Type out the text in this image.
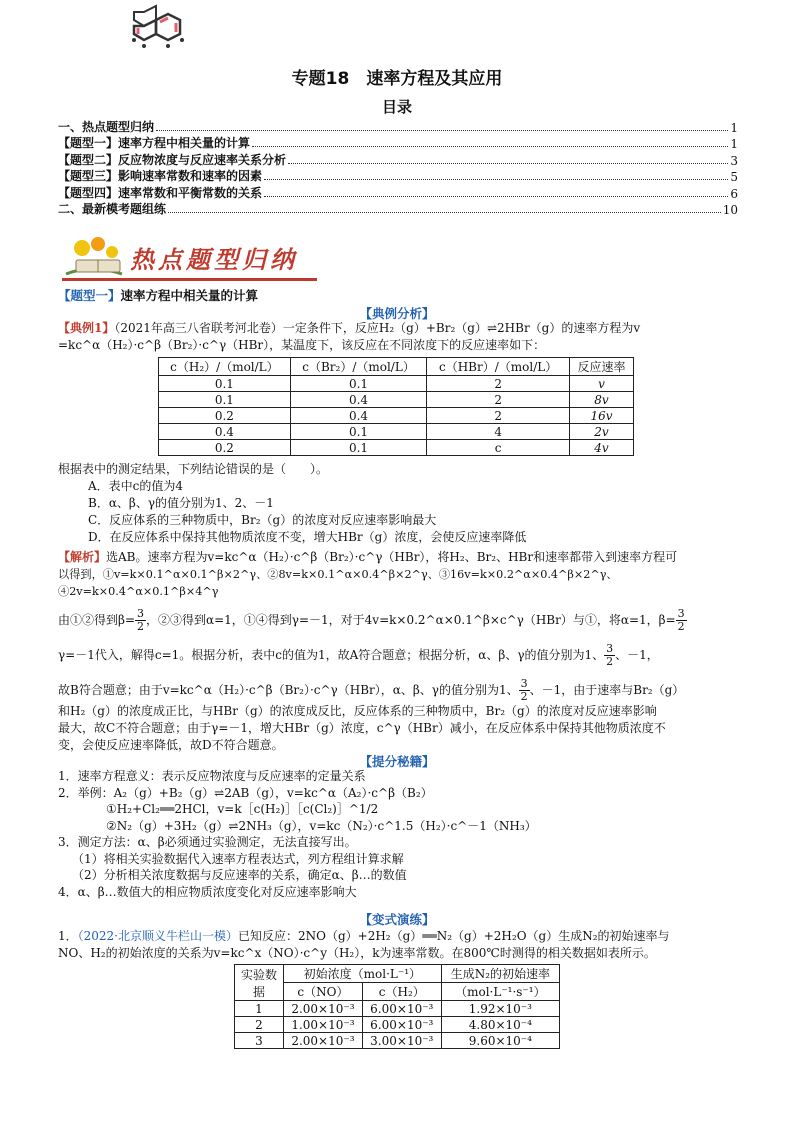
专题18　速率方程及其应用
目录
一、热点题型归纳	1
【题型一】速率方程中相关量的计算	1
【题型二】反应物浓度与反应速率关系分析	3
【题型三】影响速率常数和速率的因素	5
【题型四】速率常数和平衡常数的关系	6
二、最新模考题组练	10
热点题型归纳
【题型一】速率方程中相关量的计算
【典例分析】
【典例1】（2021年高三八省联考河北卷）一定条件下，反应H₂（g）+Br₂（g）⇌2HBr（g）的速率方程为v
=kc^α（H₂）·c^β（Br₂）·c^γ（HBr），某温度下，该反应在不同浓度下的反应速率如下：
c（H₂）/（mol/L）	c（Br₂）/（mol/L）	c（HBr）/（mol/L）	反应速率
0.1	0.1	2	v
0.1	0.4	2	8v
0.2	0.4	2	16v
0.4	0.1	4	2v
0.2	0.1	c	4v
根据表中的测定结果，下列结论错误的是（　　）。
A．表中c的值为4
B．α、β、γ的值分别为1、2、－1
C．反应体系的三种物质中，Br₂（g）的浓度对反应速率影响最大
D．在反应体系中保持其他物质浓度不变，增大HBr（g）浓度，会使反应速率降低
【解析】选AB。速率方程为v=kc^α（H₂）·c^β（Br₂）·c^γ（HBr），将H₂、Br₂、HBr和速率都带入到速率方程可
以得到，①v=k×0.1^α×0.1^β×2^γ、②8v=k×0.1^α×0.4^β×2^γ、③16v=k×0.2^α×0.4^β×2^γ、④2v=k×0.4^α×0.1^β×4^γ
由①②得到$\beta= \frac{3}{2}$ ，②③得到α=1，①④得到γ=－1，对于4v=k×0.2^α×0.1^β×c^γ（HBr）与①，将α=1，$\beta= \frac{3}{2}$
γ=－1代入，解得c=1。根据分析，表中c的值为1，故A符合题意；根据分析，α、β、γ的值分别为1、 $\frac{3}{2}$ 、－1，
故B符合题意；由于v=kc^α（H₂）·c^β（Br₂）·c^γ（HBr），α、β、γ的值分别为1、 $\frac{3}{2}$ 、－1，由于速率与Br₂（g）
和H₂（g）的浓度成正比，与HBr（g）的浓度成反比，反应体系的三种物质中，Br₂（g）的浓度对反应速率影响
最大，故C不符合题意；由于γ=－1，增大HBr（g）浓度，c^γ（HBr）减小，在反应体系中保持其他物质浓度不
变，会使反应速率降低，故D不符合题意。
【提分秘籍】
1．速率方程意义：表示反应物浓度与反应速率的定量关系
2．举例：A₂（g）+B₂（g）⇌2AB（g），v=kc^α（A₂）·c^β（B₂）
①H₂+Cl₂══2HCl，v=k［c(H₂)］［c(Cl₂)］^1/2
②N₂（g）+3H₂（g）⇌2NH₃（g），v=kc（N₂）·c^1.5（H₂）·c^－1（NH₃）
3．测定方法：α、β必须通过实验测定，无法直接写出。
（1）将相关实验数据代入速率方程表达式，列方程组计算求解
（2）分析相关浓度数据与反应速率的关系，确定α、β…的数值
4．α、β…数值大的相应物质浓度变化对反应速率影响大
【变式演练】
1．（2022·北京顺义牛栏山一模）已知反应：2NO（g）+2H₂（g）══N₂（g）+2H₂O（g）生成N₂的初始速率与
NO、H₂的初始浓度的关系为v=kc^x（NO）·c^y（H₂），k为速率常数。在800℃时测得的相关数据如表所示。
实验数据	初始浓度（mol·L⁻¹）		生成N₂的初始速率
	c（NO）	c（H₂）	（mol·L⁻¹·s⁻¹）
1	2.00×10⁻³	6.00×10⁻³	1.92×10⁻³
2	1.00×10⁻³	6.00×10⁻³	4.80×10⁻⁴
3	2.00×10⁻³	3.00×10⁻³	9.60×10⁻⁴
